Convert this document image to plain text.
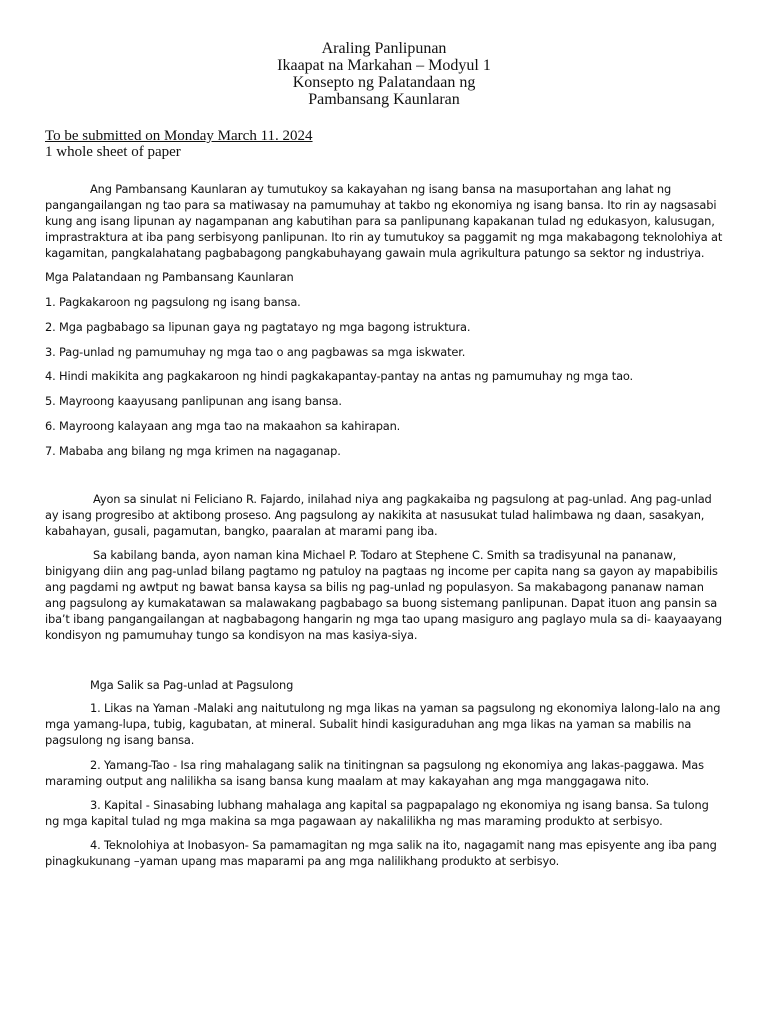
Araling Panlipunan
Ikaapat na Markahan – Modyul 1
Konsepto ng Palatandaan ng
Pambansang Kaunlaran
To be submitted on Monday March 11. 2024
1 whole sheet of paper

Ang Pambansang Kaunlaran ay tumutukoy sa kakayahan ng isang bansa na masuportahan ang lahat ng pangangailangan ng tao para sa matiwasay na pamumuhay at takbo ng ekonomiya ng isang bansa. Ito rin ay nagsasabi kung ang isang lipunan ay nagampanan ang kabutihan para sa panlipunang kapakanan tulad ng edukasyon, kalusugan, imprastraktura at iba pang serbisyong panlipunan. Ito rin ay tumutukoy sa paggamit ng mga makabagong teknolohiya at kagamitan, pangkalahatang pagbabagong pangkabuhayang gawain mula agrikultura patungo sa sektor ng industriya.

Mga Palatandaan ng Pambansang Kaunlaran

1. Pagkakaroon ng pagsulong ng isang bansa.

2. Mga pagbabago sa lipunan gaya ng pagtatayo ng mga bagong istruktura.

3. Pag-unlad ng pamumuhay ng mga tao o ang pagbawas sa mga iskwater.

4. Hindi makikita ang pagkakaroon ng hindi pagkakapantay-pantay na antas ng pamumuhay ng mga tao.

5. Mayroong kaayusang panlipunan ang isang bansa.

6. Mayroong kalayaan ang mga tao na makaahon sa kahirapan.

7. Mababa ang bilang ng mga krimen na nagaganap.

Ayon sa sinulat ni Feliciano R. Fajardo, inilahad niya ang pagkakaiba ng pagsulong at pag-unlad. Ang pag-unlad ay isang progresibo at aktibong proseso. Ang pagsulong ay nakikita at nasusukat tulad halimbawa ng daan, sasakyan, kabahayan, gusali, pagamutan, bangko, paaralan at marami pang iba.

Sa kabilang banda, ayon naman kina Michael P. Todaro at Stephene C. Smith sa tradisyunal na pananaw, binigyang diin ang pag-unlad bilang pagtamo ng patuloy na pagtaas ng income per capita nang sa gayon ay mapabibilis ang pagdami ng awtput ng bawat bansa kaysa sa bilis ng pag-unlad ng populasyon. Sa makabagong pananaw naman ang pagsulong ay kumakatawan sa malawakang pagbabago sa buong sistemang panlipunan. Dapat ituon ang pansin sa iba’t ibang pangangailangan at nagbabagong hangarin ng mga tao upang masiguro ang paglayo mula sa di- kaayaayang kondisyon ng pamumuhay tungo sa kondisyon na mas kasiya-siya.

Mga Salik sa Pag-unlad at Pagsulong

1. Likas na Yaman -Malaki ang naitutulong ng mga likas na yaman sa pagsulong ng ekonomiya lalong-lalo na ang mga yamang-lupa, tubig, kagubatan, at mineral. Subalit hindi kasiguraduhan ang mga likas na yaman sa mabilis na pagsulong ng isang bansa.

2. Yamang-Tao - Isa ring mahalagang salik na tinitingnan sa pagsulong ng ekonomiya ang lakas-paggawa. Mas maraming output ang nalilikha sa isang bansa kung maalam at may kakayahan ang mga manggagawa nito.

3. Kapital - Sinasabing lubhang mahalaga ang kapital sa pagpapalago ng ekonomiya ng isang bansa. Sa tulong ng mga kapital tulad ng mga makina sa mga pagawaan ay nakalilikha ng mas maraming produkto at serbisyo.

4. Teknolohiya at Inobasyon- Sa pamamagitan ng mga salik na ito, nagagamit nang mas episyente ang iba pang pinagkukunang –yaman upang mas maparami pa ang mga nalilikhang produkto at serbisyo.
